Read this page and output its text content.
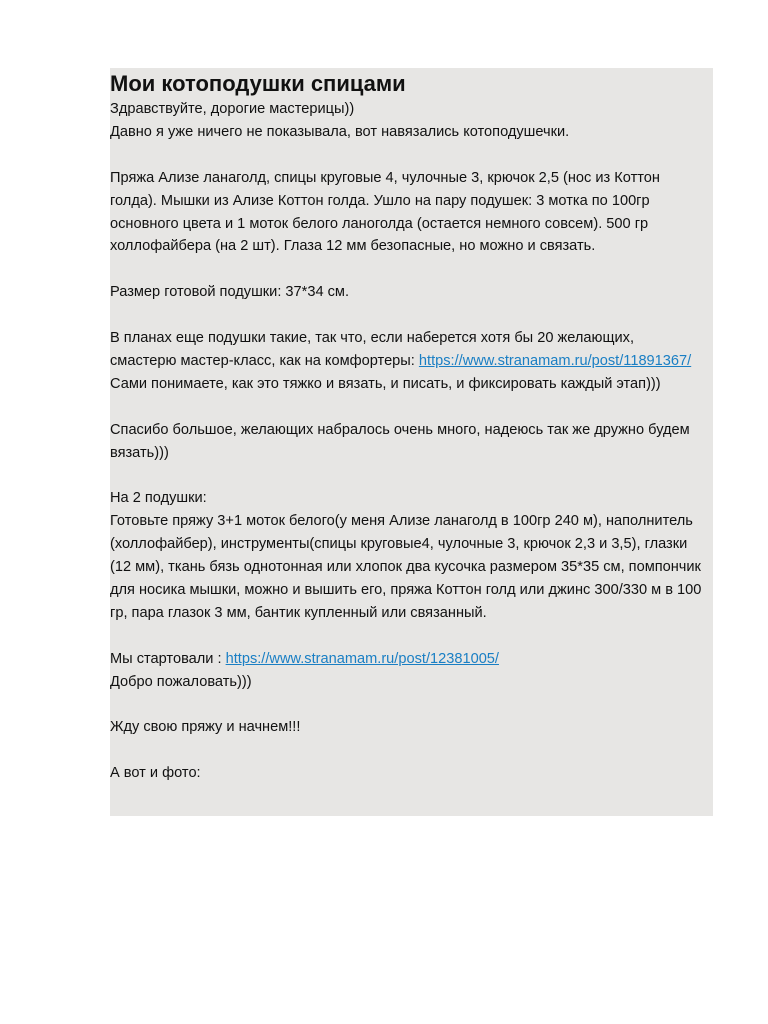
Мои котоподушки спицами
Здравствуйте, дорогие мастерицы))
Давно я уже ничего не показывала, вот навязались котоподушечки.
Пряжа Ализе ланаголд, спицы круговые 4, чулочные 3, крючок 2,5 (нос из Коттон
голда). Мышки из Ализе Коттон голда. Ушло на пару подушек: 3 мотка по 100гр
основного цвета и 1 моток белого ланоголда (остается немного совсем). 500 гр
холлофайбера (на 2 шт). Глаза 12 мм безопасные, но можно и связать.
Размер готовой подушки: 37*34 см.
В планах еще подушки такие, так что, если наберется хотя бы 20 желающих,
смастерю мастер-класс, как на комфортеры: https://www.stranamam.ru/post/11891367/
Сами понимаете, как это тяжко и вязать, и писать, и фиксировать каждый этап)))
Спасибо большое, желающих набралось очень много, надеюсь так же дружно будем
вязать)))
На 2 подушки:
Готовьте пряжу 3+1 моток белого(у меня Ализе ланаголд в 100гр 240 м), наполнитель
(холлофайбер), инструменты(спицы круговые4, чулочные 3, крючок 2,3 и 3,5), глазки
(12 мм), ткань бязь однотонная или хлопок два кусочка размером 35*35 см, помпончик
для носика мышки, можно и вышить его, пряжа Коттон голд или джинс 300/330 м в 100
гр, пара глазок 3 мм, бантик купленный или связанный.
Мы стартовали : https://www.stranamam.ru/post/12381005/
Добро пожаловать)))
Жду свою пряжу и начнем!!!
А вот и фото:
